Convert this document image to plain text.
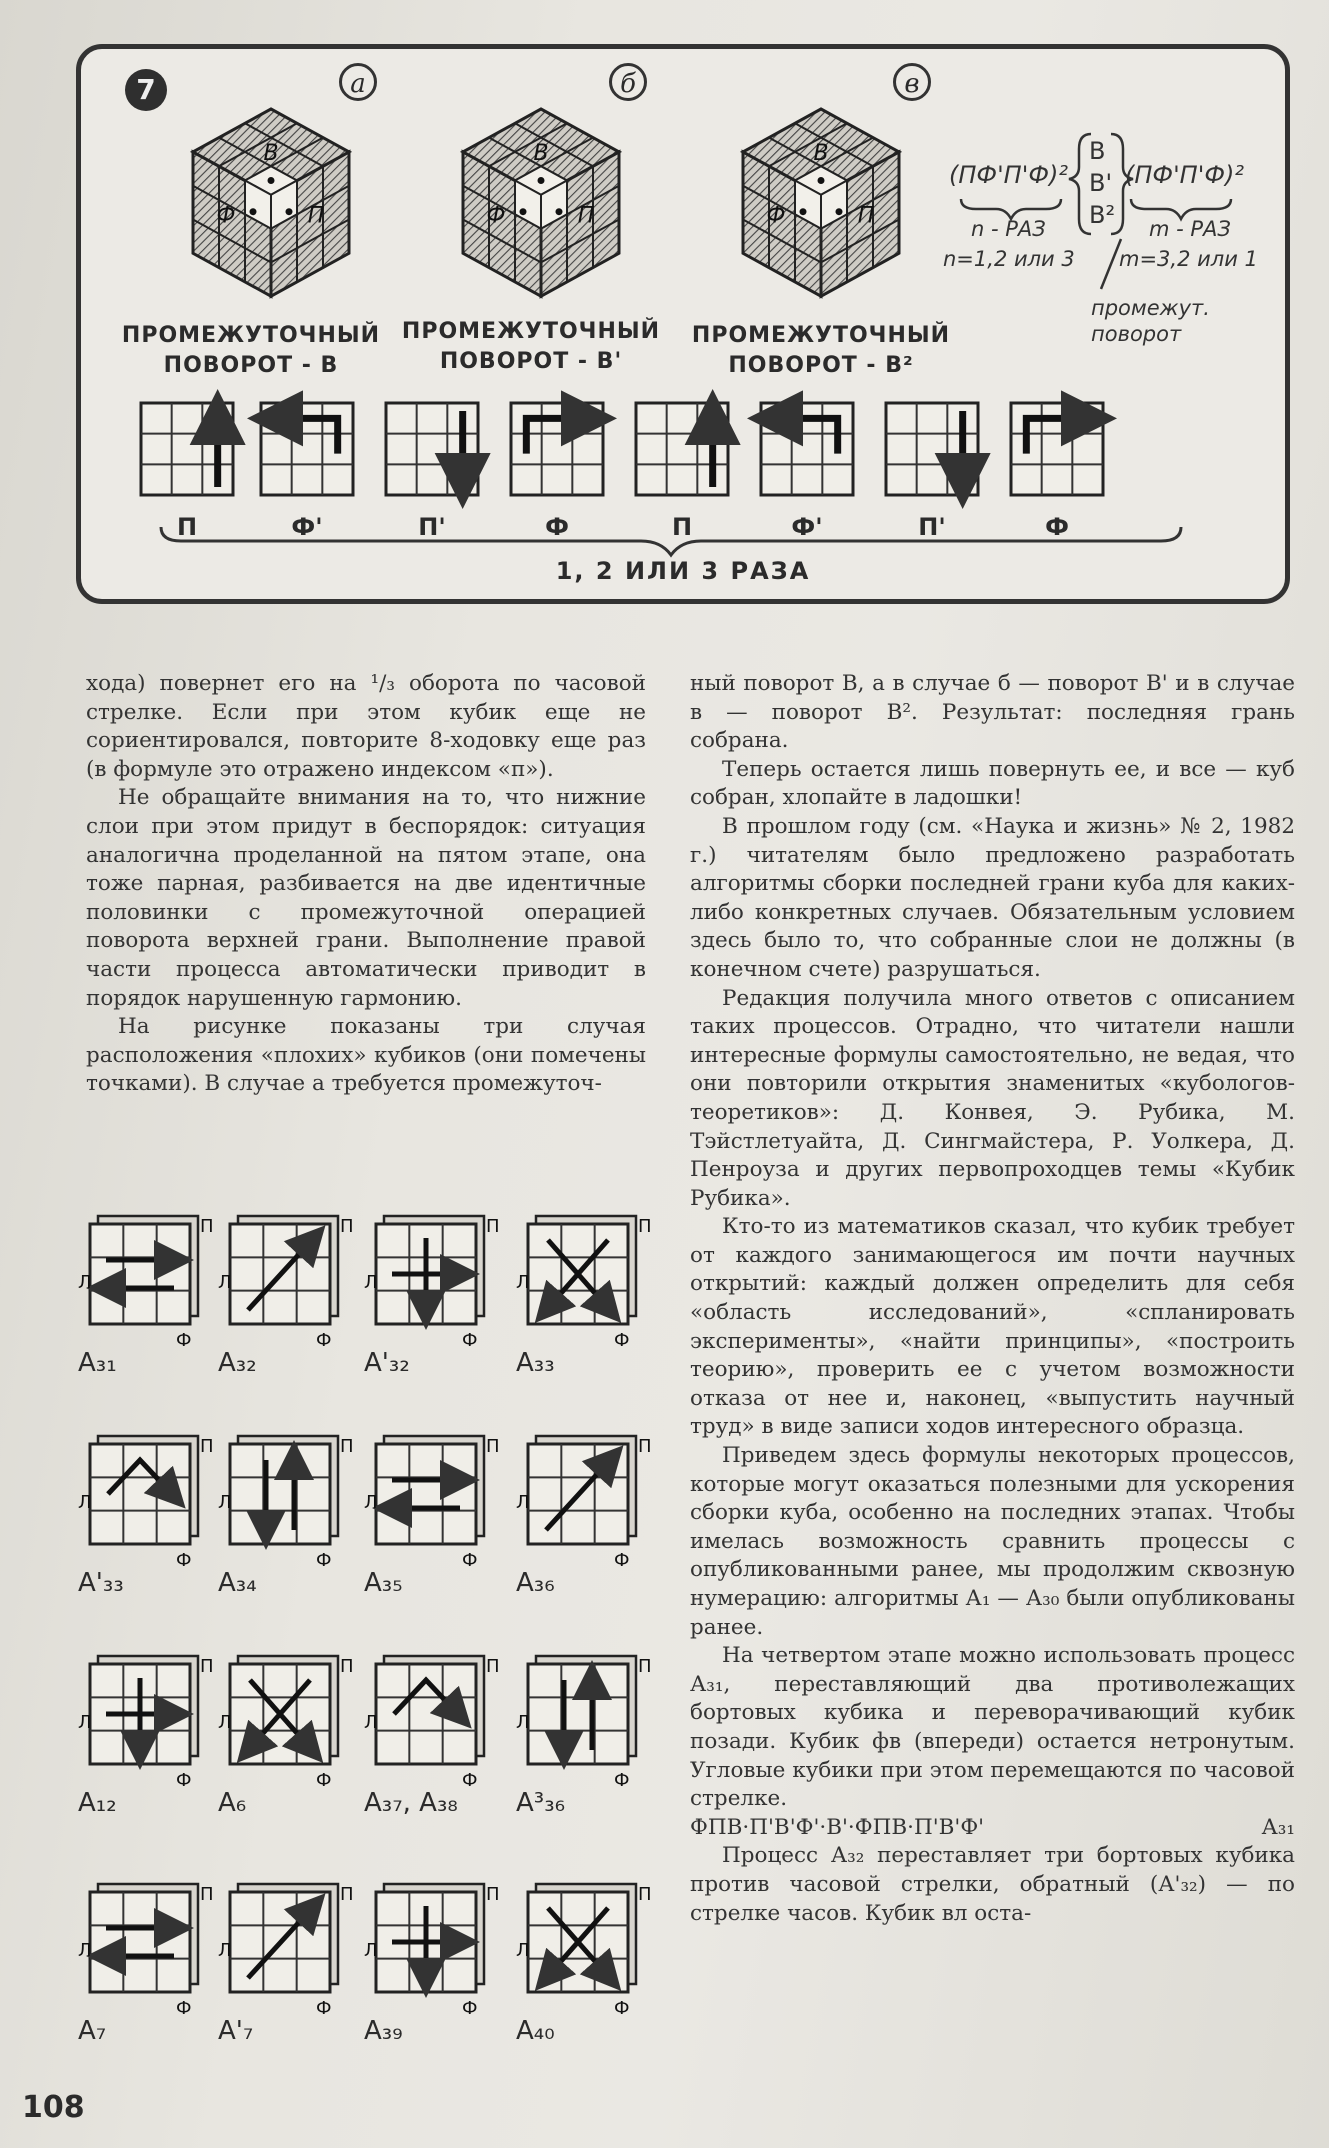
В
Ф	П
В
Ф	П
В
Ф	П
7	а	б	в
ПРОМЕЖУТОЧНЫЙ
ПОВОРОТ - В
ПРОМЕЖУТОЧНЫЙ
ПОВОРОТ - В'
ПРОМЕЖУТОЧНЫЙ
ПОВОРОТ - В²
(ПФ'П'Ф)²
n - РАЗ
n=1,2 или 3
В
В'
В²
(ПФ'П'Ф)²
m - РАЗ
m=3,2 или 1
промежут.
поворот
П	Ф'	П'	Ф	П	Ф'	П'	Ф
1, 2 ИЛИ 3 РАЗА

хода) повернет его на ¹/₃ оборота по часовой стрелке. Если при этом кубик еще не сориентировался, повторите 8-ходовку еще раз (в формуле это отражено индексом «п»).

Не обращайте внимания на то, что нижние слои при этом придут в беспорядок: ситуация аналогична проделанной на пятом этапе, она тоже парная, разбивается на две идентичные половинки с промежуточной операцией поворота верхней грани. Выполнение правой части процесса автоматически приводит в порядок нарушенную гармонию.

На рисунке показаны три случая расположения «плохих» кубиков (они помечены точками). В случае а требуется промежуточ-

ный поворот В, а в случае б — поворот В' и в случае в — поворот В². Результат: последняя грань собрана.

Теперь остается лишь повернуть ее, и все — куб собран, хлопайте в ладошки!

В прошлом году (см. «Наука и жизнь» № 2, 1982 г.) читателям было предложено разработать алгоритмы сборки последней грани куба для каких-либо конкретных случаев. Обязательным условием здесь было то, что собранные слои не должны (в конечном счете) разрушаться.

Редакция получила много ответов с описанием таких процессов. Отрадно, что читатели нашли интересные формулы самостоятельно, не ведая, что они повторили открытия знаменитых «кубологов-теоретиков»: Д. Конвея, Э. Рубика, М. Тэйстлетуайта, Д. Сингмайстера, Р. Уолкера, Д. Пенроуза и других первопроходцев темы «Кубик Рубика».

Кто-то из математиков сказал, что кубик требует от каждого занимающегося им почти научных открытий: каждый должен определить для себя «область исследований», «спланировать эксперименты», «найти принципы», «построить теорию», проверить ее с учетом возможности отказа от нее и, наконец, «выпустить научный труд» в виде записи ходов интересного образца.

Приведем здесь формулы некоторых процессов, которые могут оказаться полезными для ускорения сборки куба, особенно на последних этапах. Чтобы имелась возможность сравнить процессы с опубликованными ранее, мы продолжим сквозную нумерацию: алгоритмы А₁ — А₃₀ были опубликованы ранее.

На четвертом этапе можно использовать процесс А₃₁, переставляющий два противолежащих бортовых кубика и переворачивающий кубик позади. Кубик фв (впереди) остается нетронутым. Угловые кубики при этом перемещаются по часовой стрелке.

ФПВ·П'В'Ф'·В'·ФПВ·П'В'Ф'	А₃₁

Процесс А₃₂ переставляет три бортовых кубика против часовой стрелки, обратный (А'₃₂) — по стрелке часов. Кубик вл оста-

П
Л
Ф
А₃₁
П
Л
Ф
А₃₂
П
Л
Ф
А'₃₂
П
Л
Ф
А₃₃
П
Л
Ф
А'₃₃
П
Л
Ф
А₃₄
П
Л
Ф
А₃₅
П
Л
Ф
А₃₆
П
Л
Ф
А₁₂
П
Л
Ф
А₆
П
Л
Ф
А₃₇, А₃₈
П
Л
Ф
А³₃₆
П
Л
Ф
А₇
П
Л
Ф
А'₇
П
Л
Ф
А₃₉
П
Л
Ф
А₄₀
108
